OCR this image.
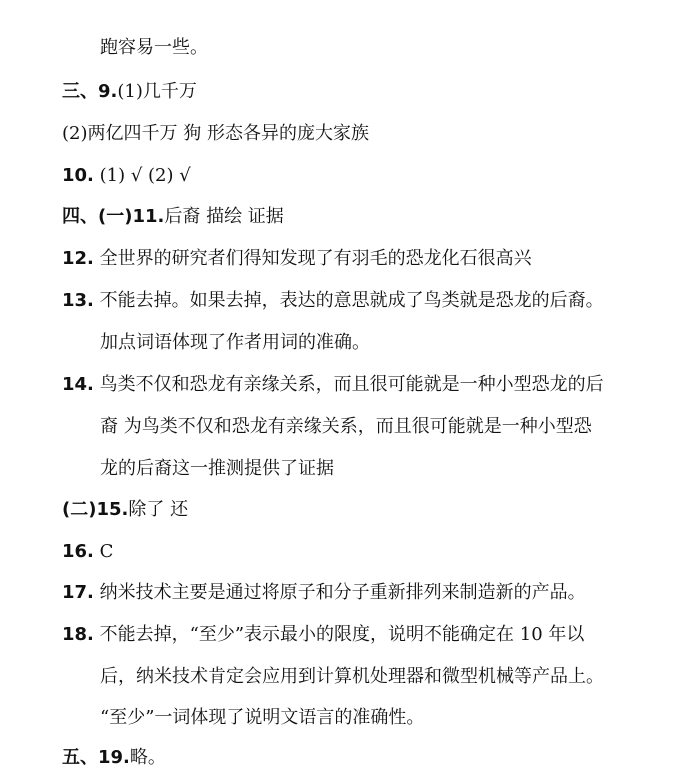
跑容易一些。
三、9.(1)几千万
(2)两亿四千万 狗 形态各异的庞大家族
10. (1) √ (2) √
四、(一)11.后裔 描绘 证据
12. 全世界的研究者们得知发现了有羽毛的恐龙化石很高兴
13. 不能去掉。如果去掉，表达的意思就成了鸟类就是恐龙的后裔。
加点词语体现了作者用词的准确。
14. 鸟类不仅和恐龙有亲缘关系，而且很可能就是一种小型恐龙的后
裔 为鸟类不仅和恐龙有亲缘关系，而且很可能就是一种小型恐
龙的后裔这一推测提供了证据
(二)15.除了 还
16. C
17. 纳米技术主要是通过将原子和分子重新排列来制造新的产品。
18. 不能去掉，“至少”表示最小的限度，说明不能确定在 10 年以
后，纳米技术肯定会应用到计算机处理器和微型机械等产品上。
“至少”一词体现了说明文语言的准确性。
五、19.略。
